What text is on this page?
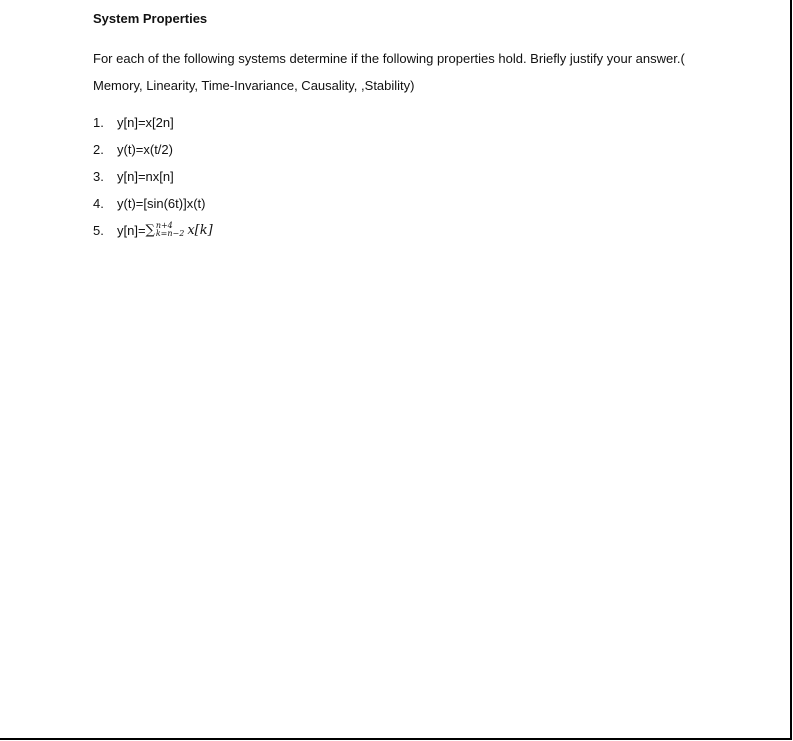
System Properties

For each of the following systems determine if the following properties hold. Briefly justify your answer.( Memory, Linearity, Time-Invariance, Causality, ,Stability)

1.	y[n]=x[2n]
2.	y(t)=x(t/2)
3.	y[n]=nx[n]
4.	y(t)=[sin(6t)]x(t)
5.	y[n]= ∑ n+4
k=n−2 x[k]
